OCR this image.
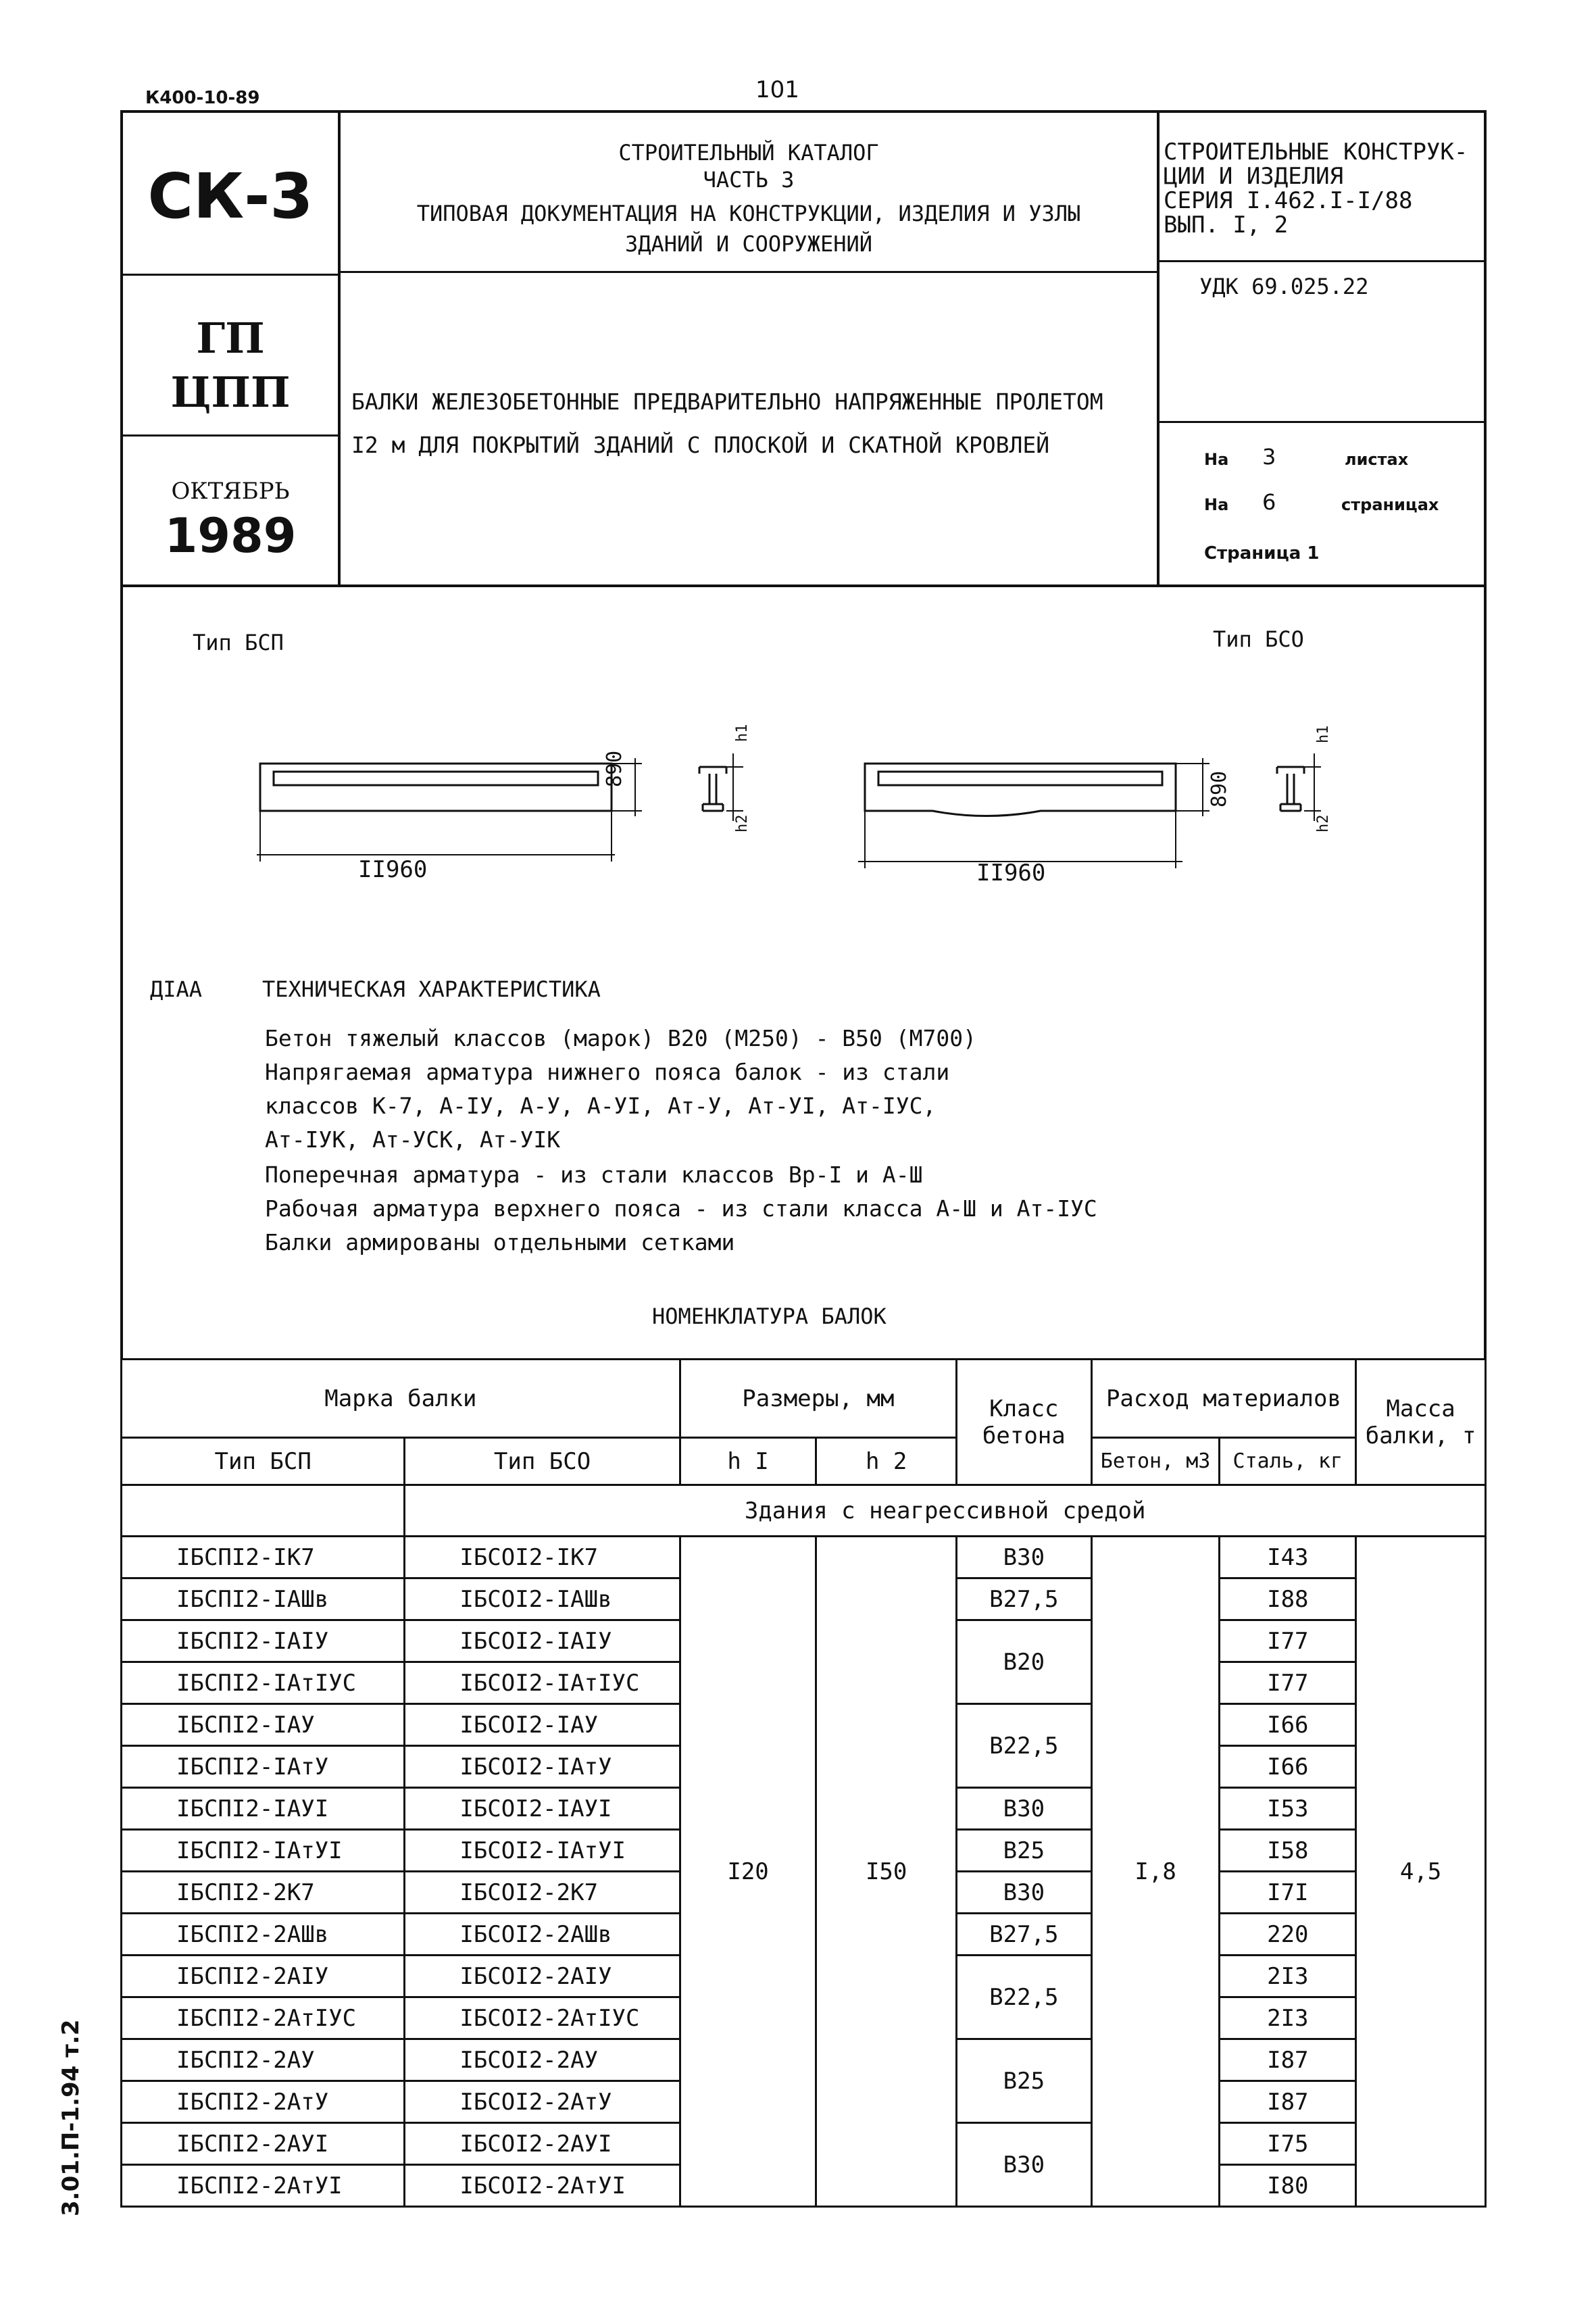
К400-10-89	101
СК-3
ГП
ЦПП
ОКТЯБРЬ
1989
СТРОИТЕЛЬНЫЙ КАТАЛОГ
ЧАСТЬ 3
ТИПОВАЯ ДОКУМЕНТАЦИЯ НА КОНСТРУКЦИИ, ИЗДЕЛИЯ И УЗЛЫ
ЗДАНИЙ И СООРУЖЕНИЙ
СТРОИТЕЛЬНЫЕ КОНСТРУК-
ЦИИ И ИЗДЕЛИЯ
СЕРИЯ I.462.I-I/88
ВЫП. I, 2
УДК 69.025.22
БАЛКИ ЖЕЛЕЗОБЕТОННЫЕ ПРЕДВАРИТЕЛЬНО НАПРЯЖЕННЫЕ ПРОЛЕТОМ
I2 м ДЛЯ ПОКРЫТИЙ ЗДАНИЙ С ПЛОСКОЙ И СКАТНОЙ КРОВЛЕЙ
На 3	листах
На 6	страницах
Страница 1
Тип БСП	Тип БСО
890
890
II960	II960
h1
h2
h1
h2
ДIАА	ТЕХНИЧЕСКАЯ ХАРАКТЕРИСТИКА
Бетон тяжелый классов (марок) В20 (М250) - В50 (М700)
Напрягаемая арматура нижнего пояса балок - из стали
классов К-7, А-IУ, А-У, А-УI, Ат-У, Ат-УI, Ат-IУС,
Ат-IУК, Ат-УСК, Ат-УIК
Поперечная арматура - из стали классов Вр-I и А-Ш
Рабочая арматура верхнего пояса - из стали класса А-Ш и Ат-IУС
Балки армированы отдельными сетками
НОМЕНКЛАТУРА БАЛОК
Марка балки		Размеры, мм		Класс бетона	Расход материалов		Масса балки, т
Тип БСП	Тип БСО	h I	h 2		Бетон, м3	Сталь, кг	
	Здания с неагрессивной средой						
IБСПI2-IК7	IБСОI2-IК7	I20	I50	В30	I,8	I43	4,5
IБСПI2-IАШв	IБСОI2-IАШв			В27,5		I88	
IБСПI2-IАIУ	IБСОI2-IАIУ			В20		I77	
IБСПI2-IАтIУС	IБСОI2-IАтIУС					I77	
IБСПI2-IАУ	IБСОI2-IАУ			В22,5		I66	
IБСПI2-IАтУ	IБСОI2-IАтУ					I66	
IБСПI2-IАУI	IБСОI2-IАУI			В30		I53	
IБСПI2-IАтУI	IБСОI2-IАтУI			В25		I58	
IБСПI2-2К7	IБСОI2-2К7			В30		I7I	
IБСПI2-2АШв	IБСОI2-2АШв			В27,5		220	
IБСПI2-2АIУ	IБСОI2-2АIУ			В22,5		2I3	
IБСПI2-2АтIУС	IБСОI2-2АтIУС					2I3	
IБСПI2-2АУ	IБСОI2-2АУ			В25		I87	
IБСПI2-2АтУ	IБСОI2-2АтУ					I87	
IБСПI2-2АУI	IБСОI2-2АУI			В30		I75	
IБСПI2-2АтУI	IБСОI2-2АтУI					I80	
3.01.П-1.94 т.2
